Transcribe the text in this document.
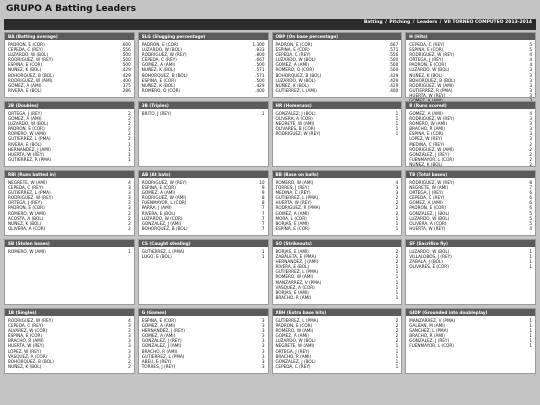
GRUPO A Batting Leaders
Batting / Pitching / Leaders / VII TORNEO COMPUTEO 2013-2014
BA (Batting average)
PADRON, E (COR)	.600
CEPEDA, C (REY)	.556
LUZARDO, W (BOL)	.500
RODRIGUEZ, W (REY)	.500
ESPINA, E (COR)	.500
NUÑEZ, K (BOL)	.429
BOHORQUEZ, B (BOL)	.429
RODRIGUEZ, W (AMI)	.400
GOMEZ, A (AMI)	.375
RIVERA, E (BOL)	.286
SLG (Slugging percentage)
PADRON, E (COR)	1.300
LUZARDO, W (BOL)	.833
RODRIGUEZ, W (REY)	.800
CEPEDA, C (REY)	.667
GOMEZ, A (AMI)	.500
NUÑEZ, K (BOL)	.571
BOHORQUEZ, B (BOL)	.571
ESPINA, E (COR)	.500
NUÑEZ, K (BOL)	.429
ROMERO, O (COR)	.400
OBP (On base percentage)
PADRON, E (COR)	.667
ESPINA, E (COR)	.571
CEPEDA, C (REY)	.556
LUZARDO, W (BOL)	.500
GOMEZ, A (AMI)	.500
ROMERO, O (COR)	.500
BOHORQUEZ, B (BOL)	.429
LUZARDO, W (BOL)	.429
NUÑEZ, K (BOL)	.429
GUTIERREZ, L (AMI)	.400
H (Hits)
CEPEDA, C (REY)	5
ESPINA, E (COR)	5
RODRIGUEZ, W (REY)	4
ORTEGA, J (REY)	4
PADRON, E (COR)	4
LUZARDO, W (BOL)	3
NUÑEZ, K (BOL)	3
BOHORQUEZ, B (BOL)	3
RODRIGUEZ, W (AMI)	3
GUTIERREZ, R (PMA)	3
HUERTA, W (REY)	3
2B (Doubles)
ORTEGA, J (REY)	2
GOMEZ, A (AMI)	2
LUZARDO, W (BOL)	2
PADRON, E (COR)	2
ROMERO, W (AMI)	2
GUTIERREZ, L (PMA)	2
RIVERA, E (BOL)	1
HERNANDEZ, J (AMI)	1
HUERTA, W (REY)	1
GUTIERREZ, R (PMA)	1
3B (Triples)
BRITO, J (REY)	1
HR (Homeruns)
GONZALEZ, J (BOL)	1
OLIVERA, A (COR)	1
NEGRETE, W (AMI)	1
OLIVARES, B (COR)	1
RODRIGUEZ, W (REY)	1
R (Runs scored)
GOMEZ, A (AMI)	4
RODRIGUEZ, W (REY)	3
ROMERO, W (AMI)	3
BRACHO, R (AMI)	3
ESPINA, E (COR)	3
LOPEZ, W (REY)	3
MEDINA, C (REY)	2
RODRIGUEZ, W (AMI)	2
GONZALEZ, J (REY)	2
FUENMAYOR, L (COR)	2
NUÑEZ, K (BOL)	2
RBI (Runs batted in)
NEGRETE, W (AMI)	4
CEPEDA, C (REY)	3
GUTIERREZ, L (PMA)	3
RODRIGUEZ, W (REY)	3
ORTEGA, J (REY)	3
PADRON, E (COR)	3
ROMERO, W (AMI)	2
ACOSTA, A (BOL)	2
NUÑEZ, K (BOL)	2
OLIVERA, A (COR)	2
AB (At bats)
RODRIGUEZ, W (REY)	10
ESPINA, E (COR)	9
GOMEZ, A (AMI)	9
RODRIGUEZ, W (AMI)	8
FUENMAYOR, L (COR)	8
PARRA, J (AMI)	7
RIVERA, E (BOL)	7
LUZARDO, W (COR)	7
GONZALEZ, J (AMI)	7
BOHORQUEZ, B (BOL)	7
BB (Base on balls)
ROMERO, W (AMI)	4
TORRES, J (REY)	3
MEDINA, C (REY)	3
GUTIERREZ, L (PMA)	2
HUERTA, W (REY)	2
RODRIGUEZ, R (PMA)	2
GOMEZ, A (AMI)	2
MORA, L (COR)	1
BORJAS, E (AMI)	1
ESPINA, E (COR)	1
TB (Total bases)
RODRIGUEZ, W (REY)	8
NEGRETE, W (AMI)	7
ORTEGA, J (REY)	6
CEPEDA, C (REY)	6
GOMEZ, A (AMI)	6
PADRON, E (COR)	6
GONZALEZ, J (BOL)	5
LUZARDO, W (BOL)	5
OLIVERA, A (COR)	5
HUERTA, W (REY)	4
SB (Stolen bases)
ROMERO, W (AMI)	1
CS (Caught stealing)
GUTIERREZ, L (PMA)	1
LUGO, E (BOL)	1
SO (Strikeouts)
BORJAS, E (AMI)	2
ZABALETA, E (PMA)	2
HERNANDEZ, J (AMI)	2
RIVERA, E (BOL)	1
GUTIERREZ, L (PMA)	1
ROMERO, W (AMI)	1
MANZARREZ, V (PMA)	1
VASQUEZ, A (COR)	1
BORJAS, E (AMI)	1
BRACHO, R (AMI)	1
SF (Sacrifice fly)
LUZARDO, W (BOL)	1
VILLALOBOS, J (REY)	1
ZABALA, J (BOL)	1
OLIVARES, E (COR)	1
1B (Singles)
RODRIGUEZ, W (REY)	4
CEPEDA, C (REY)	3
ALVAREZ, W (COR)	3
ESPINA, E (COR)	3
BRACHO, R (AMI)	3
HUERTA, W (REY)	3
LOPEZ, W (REY)	3
VASQUEZ, A (COR)	2
BOHORQUEZ, B (BOL)	2
NUÑEZ, K (BOL)	2
G (Games)
ESPINA, E (COR)	3
GOMEZ, A (AMI)	3
HERNANDEZ, J (REY)	3
GOMEZ, A (AMI)	3
GONZALEZ, J (REY)	3
GONZALEZ, J (AMI)	3
BRACHO, R (AMI)	3
GUTIERREZ, L (PMA)	3
ABEU, E (REY)	3
TORRES, J (REY)	3
XBH (Extra base hits)
GUTIERREZ, L (PMA)	2
PADRON, E (COR)	2
ROMERO, W (AMI)	2
GOMEZ, A (AMI)	2
LUZARDO, W (BOL)	2
NEGRETE, W (AMI)	1
ORTEGA, J (REY)	1
BRACHO, R (AMI)	1
GONZALEZ, J (BOL)	1
CEPEDA, C (REY)	1
GIDP (Grounded into doubleplay)
MANZARREZ, V (PMA)	1
GALBAN, M (AMI)	1
SANCHEZ, L (PMA)	1
BRACHO, R (AMI)	1
GONZALEZ, J (REY)	1
FUENMAYOR, L (COR)	1
